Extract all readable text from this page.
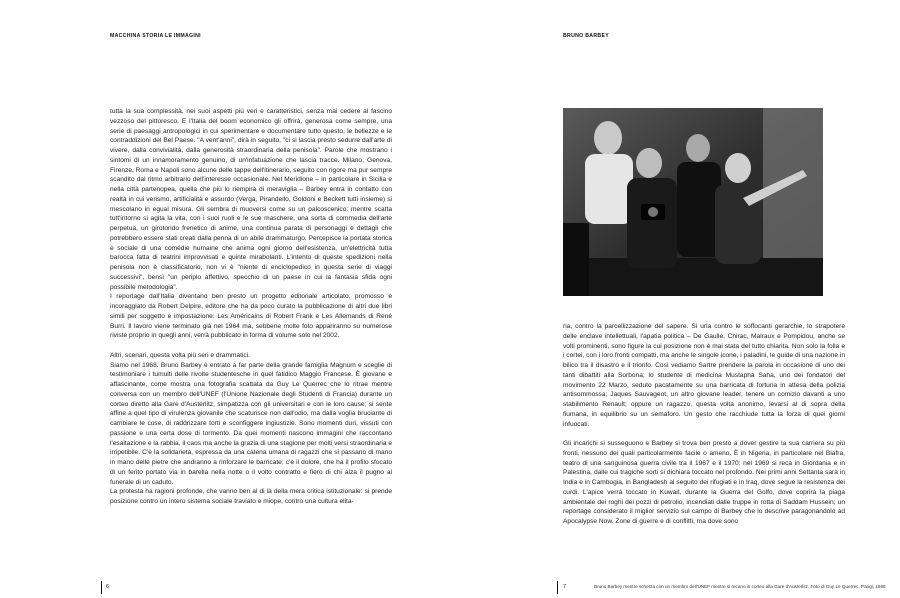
MACCHINA STORIA LE IMMAGINI

tutta la sua complessità, nei suoi aspetti più veri e caratteristici, senza mai cedere al fascino vezzoso del pittoresco. E l'Italia del boom economico gli offrirà, generosa come sempre, una serie di paesaggi antropologici in cui sperimentare e documentare tutto questo, le bellezze e le contraddizioni del Bel Paese. "A vent'anni", dirà in seguito, "ci si lascia presto sedurre dall'arte di vivere, dalla convivialità, dalla generosità straordinaria della penisola". Parole che mostrano i sintomi di un innamoramento genuino, di un'infatuazione che lascia tracce. Milano, Genova, Firenze, Roma e Napoli sono alcune delle tappe dell'itinerario, seguito con rigore ma pur sempre scandito dal ritmo arbitrario dell'interesse occasionale. Nel Meridione – in particolare in Sicilia e nella città partenopea, quella che più lo riempirà di meraviglia – Barbey entra in contatto con realtà in cui verismo, artificialità e assurdo (Verga, Pirandello, Goldoni e Beckett tutti insieme) si mescolano in egual misura. Gli sembra di muoversi come su un palcoscenico: mentre scatta tutt'intorno si agita la vita, con i suoi ruoli e le sue maschere, una sorta di commedia dell'arte perpetua, un girotondo frenetico di anime, una continua parata di personaggi e dettagli che potrebbero essere stati creati dalla penna di un abile drammaturgo. Percepisce la portata storica e sociale di una comédie humaine che anima ogni giorno dell'esistenza, un'elettricità tutta barocca fatta di teatrini improvvisati e quinte mirabolanti. L'intento di queste spedizioni nella penisola non è classificatorio, non vi è "niente di enciclopedico in questa serie di viaggi successivi", bensì "un periplo affettivo, specchio di un paese in cui la fantasia sfida ogni possibile metodologia".

I reportage dall'Italia diventano ben presto un progetto editoriale articolato, promosso e incoraggiato da Robert Delpire, editore che ha da poco curato la pubblicazione di altri due libri simili per soggetto e impostazione: Les Américains di Robert Frank e Les Allemands di René Burri. Il lavoro viene terminato già nel 1964 ma, sebbene molte foto appariranno su numerose riviste proprio in quegli anni, verrà pubblicato in forma di volume solo nel 2002.

Altri, scenari, questa volta più seri e drammatici.

Siamo nel 1968. Bruno Barbey è entrato a far parte della grande famiglia Magnum e sceglie di testimoniare i tumulti delle rivolte studentesche in quel fatidico Maggio Francese. È giovane e affascinante, come mostra una fotografia scattata da Guy Le Querrec che lo ritrae mentre conversa con un membro dell'UNEF (l'Unione Nazionale degli Studenti di Francia) durante un corteo diretto alla Gare d'Austerlitz, simpatizza con gli universitari e con le loro cause; si sente affine a quel tipo di virulenza giovanile che scaturisce non dall'odio, ma dalla voglia bruciante di cambiare le cose, di raddrizzare torti e sconfiggere ingiustizie. Sono momenti duri, vissuti con passione e una certa dose di tormento. Da quei momenti nascono immagini che raccontano l'esaltazione e la rabbia, il caos ma anche la grazia di una stagione per molti versi straordinaria e irripetibile. C'è la solidarietà, espressa da una catena umana di ragazzi che si passano di mano in mano delle pietre che andranno a rinforzare le barricate; c'è il dolore, che ha il profilo sfocato di un ferito portato via in barella nella notte o il volto contratto e fiero di chi alza il pugno al funerale di un caduto.

La protesta ha ragioni profonde, che vanno ben al di là della mera critica istituzionale: si prende posizione contro un intero sistema sociale traviato e miope, contro una cultura elita-

6
BRUNO BARBEY

ria, contro la parcellizzazione del sapere. Si urla contro le soffocanti gerarchie, lo strapotere delle enclave intellettuali, l'apatia politica – De Gaulle, Chirac, Malraux e Pompidou, anche se volti prominenti, sono figure la cui posizione non è mai stata del tutto chiarita. Non solo la folla e i cortei, con i loro fronti compatti, ma anche le singole icone, i paladini, le guide di una nazione in bilico tra il disastro e il trionfo. Così vediamo Sartre prendere la parola in occasione di uno dei tanti dibattiti alla Sorbona; lo studente di medicina Mustapha Saha, uno dei fondatori del movimento 22 Marzo, seduto pacatamente su una barricata di fortuna in attesa della polizia antisommossa; Jaques Sauvageot, un altro giovane leader, tenere un comizio davanti a uno stabilimento Renault; oppure un ragazzo, questa volta anonimo, levarsi al di sopra della fiumana, in equilibrio su un semaforo. Un gesto che racchiude tutta la forza di quei giorni infuocati.

Gli incarichi si susseguono e Barbey si trova ben presto a dover gestire la sua carriera su più fronti, nessuno dei quali particolarmente facile o ameno. È in Nigeria, in particolare nel Biafra, teatro di una sanguinosa guerra civile tra il 1967 e il 1970; nel 1969 si reca in Giordania e in Palestina, dalle cui tragiche sorti si dichiara toccato nel profondo. Nei primi anni Settanta sarà in India e in Cambogia, in Bangladesh al seguito dei rifugiati e in Iraq, dove segue la resistenza dei curdi. L'apice verrà toccato in Kuwait, durante la Guerra del Golfo, dove coprirà la piaga ambientale dei roghi dei pozzi di petrolio, incendiati dalle truppe in rotta di Saddam Hussein; un reportage considerato il miglior servizio sul campo di Barbey che lo descrive paragonandolo ad Apocalypse Now. Zone di guerre e di conflitti, ma dove sono

7	Bruno Barbey mentre scherza con un membro dell'UNEF mentre si recano in corteo alla Gare d'Austerlitz. Foto di Guy Le Querrec, Parigi, 1968
